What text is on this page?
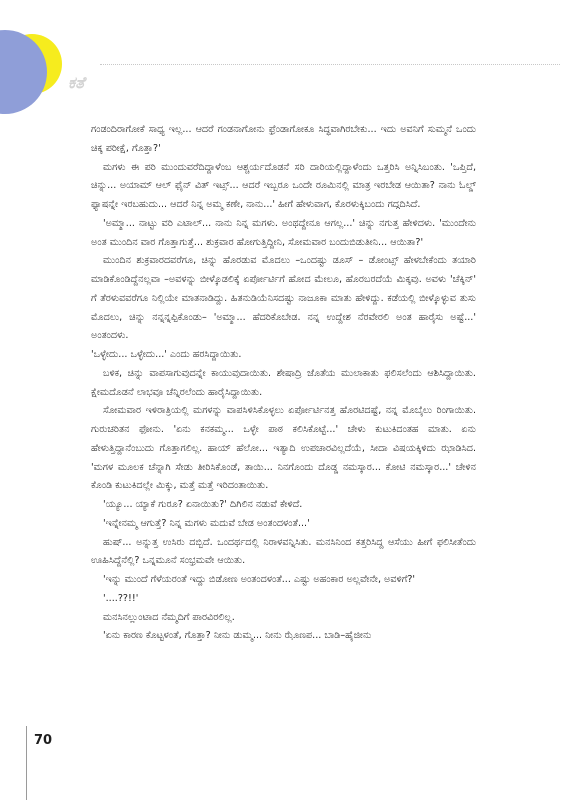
ಕತೆ

ಗಂಡಂದಿರಾಗೋಕೆ ಸಾಧ್ಯ ಇಲ್ಲ... ಆದರೆ ಗಂಡನಾಗೋನು ಫ್ರೆಂಡಾಗೋಕೂ ಸಿದ್ಧವಾಗಿರಬೇಕು... ಇದು ಅವನಿಗೆ ಸುಮ್ಮನೆ ಒಂದು ಚಿಕ್ಕ ಪರೀಕ್ಷೆ, ಗೊತ್ತಾ?'

ಮಗಳು ಈ ಪರಿ ಮುಂದುವರೆದಿದ್ದಾಳೆಂಬ ಆಶ್ಚರ್ಯದೊಡನೆ ಸರಿ ದಾರಿಯಲ್ಲಿದ್ದಾಳೆಂದು ಒತ್ತರಿಸಿ ಅನ್ನಿಸಿಬಂತು. 'ಒಪ್ತಿದೆ, ಚಿನ್ನು... ಅಯಾಮ್ ಆಲ್ ಫೈನ್ ವಿತ್ ಇಟ್ಸ್... ಆದರೆ ಇಬ್ಬರೂ ಒಂದೇ ರೂಮಿನಲ್ಲಿ ಮಾತ್ರ ಇರಬೇಡ ಆಯಿತಾ? ನಾನು ಓಲ್ಡ್ ಫ್ಯಾಷನ್ನೇ ಇರಬಹುದು... ಆದರೆ ನಿನ್ನ ಅಮ್ಮ ಕಣೇ, ನಾನು...' ಹೀಗೆ ಹೇಳುವಾಗ, ಕೊರಳುಕ್ಕಿಬಂದು ಗದ್ಗದಿಸಿದೆ.

'ಅಮ್ಮಾ... ನಾಟ್ಟು ವರಿ ಎಟಾಲ್... ನಾನು ನಿನ್ನ ಮಗಳು. ಅಂಥದ್ದೇನೂ ಆಗಲ್ಲ...' ಚಿನ್ನು ನಗುತ್ತ ಹೇಳಿದಳು. 'ಮುಂದೇನು ಅಂತ ಮುಂದಿನ ವಾರ ಗೊತ್ತಾಗುತ್ತೆ... ಶುಕ್ರವಾರ ಹೋಗುತ್ತಿದ್ದೀನಿ, ಸೋಮವಾರ ಬಂದುಬಿಡುತೀನಿ... ಆಯಿತಾ?'

ಮುಂದಿನ ಶುಕ್ರವಾರದವರೆಗೂ, ಚಿನ್ನು ಹೊರಡುವ ಮೊದಲು –ಒಂದಷ್ಟು ಡೂಸ್ – ಡೋಂಟ್ಸ್ ಹೇಳಬೇಕೆಂದು ತಯಾರಿ ಮಾಡಿಕೊಂಡಿದ್ದೆನಲ್ಲವಾ –ಅವಳನ್ನು ಬೀಳ್ಕೊಡಲಿಕ್ಕೆ ಏರ್ಪೋರ್ಟಿಗೆ ಹೋದ ಮೇಲೂ, ಹೊರಬರದೆಯೆ ಮಿಕ್ಕವು. ಅವಳು 'ಚೆಕ್ಕಿನ್' ಗೆ ತೆರಳುವವರೆಗೂ ನಿಲ್ಲಿಯೇ ಮಾತನಾಡಿದ್ದು. ಹಿತನುಡಿಯೆನಿಸದಷ್ಟು ನಾಜೂಕಾ ಮಾತು ಹೇಳಿದ್ದು. ಕಡೆಯಲ್ಲಿ ಬೀಳ್ಕೊಳ್ಳುವ ತುಸು ಮೊದಲು, ಚಿನ್ನು ನನ್ನನ್ನಪ್ಪಿಕೊಂಡು– 'ಅಮ್ಮಾ... ಹೆದರಿಕೊಬೇಡ. ನನ್ನ ಉದ್ದೇಶ ನೆರವೇರಲಿ ಅಂತ ಹಾರೈಸು ಅಷ್ಟೆ...' ಅಂತಂದಳು.

'ಒಳ್ಳೇದು... ಒಳ್ಳೇದು...' ಎಂದು ಹರಸಿದ್ದಾಯಿತು.

ಬಳಿಕ, ಚಿನ್ನು ವಾಪಸಾಗುವುದನ್ನೇ ಕಾಯುವುದಾಯಿತು. ಶೇಷಾದ್ರಿ ಜೊತೆಯ ಮುಲಾಕಾತು ಫಲಿಸಲೆಂದು ಆಶಿಸಿದ್ದಾಯಿತು. ಕ್ಷೇಮದೊಡನೆ ಲಾಭವೂ ಚೆನ್ನಿರಲೆಂದು ಹಾರೈಸಿದ್ದಾಯಿತು.

ಸೋಮವಾರ ಇಳಿರಾತ್ರಿಯಲ್ಲಿ ಮಗಳನ್ನು ವಾಪಸಿಳಿಸಿಕೊಳ್ಳಲು ಏರ್ಪೋರ್ಟಿನತ್ತ ಹೊರಟಿದಷ್ಟೆ, ನನ್ನ ಮೊಬೈಲು ರಿಂಗಾಯಿತು. ಗುರುಚರಿತನ ಫೋನು. 'ಏನು ಕನಕಮ್ಮ... ಒಳ್ಳೇ ಪಾಠ ಕಲಿಸಿಕೊಟ್ಟೆ...' ಚೇಳು ಕುಟುಕಿದಂತಹ ಮಾತು. ಏನು ಹೇಳುತ್ತಿದ್ದಾನೆಂಬುದು ಗೊತ್ತಾಗಲಿಲ್ಲ. ಹಾಯ್ ಹೆಲೋ... ಇತ್ಯಾದಿ ಉಪಚಾರವಿಲ್ಲದೆಯೆ, ಸೀದಾ ವಿಷಯಕ್ಕಿಳಿದು ಝಾಡಿಸಿದ. 'ಮಗಳ ಮೂಲಕ ಚೆನ್ನಾಗಿ ಸೇಡು ತೀರಿಸಿಕೊಂಡೆ, ತಾಯಿ... ನಿನಗೊಂದು ದೊಡ್ಡ ನಮಸ್ಕಾರ... ಕೋಟಿ ನಮಸ್ಕಾರ...' ಚೇಳಿನ ಕೊಂಡಿ ಕುಟುಕಿದಲ್ಲೇ ಮಿಕ್ಕು, ಮತ್ತೆ ಮತ್ತೆ ಇರಿದಂತಾಯಿತು.

'ಯ್ಯೂ... ಯ್ಯಾಕೆ ಗುರೂ? ಏನಾಯಿತು?' ದಿಗಿಲಿನ ನಡುವೆ ಕೇಳಿದೆ.

'ಇನ್ನೇನಮ್ಮ ಆಗುತ್ತೆ? ನಿನ್ನ ಮಗಳು ಮದುವೆ ಬೇಡ ಅಂತಂದಳಂತೆ...'

ಹುಷ್... ಅನ್ನುತ್ತ ಉಸಿರು ದಬ್ಬಿದೆ. ಒಂದರ್ಥದಲ್ಲಿ ನಿರಾಳವನ್ನಿಸಿತು. ಮನಸಿನಿಂದ ಕತ್ತರಿಸಿದ್ದ ಆಸೆಯು ಹೀಗೆ ಫಲಿಸೀತೆಂದು ಊಹಿಸಿದ್ದೆನೆಲ್ಲಿ? ಒನ್ನಮೂನೆ ಸಂಭ್ರಮವೇ ಆಯಿತು.

'ಇನ್ನು ಮುಂದೆ ಗೆಳೆಯರಂತೆ ಇದ್ದು ಬಿಡೋಣ ಅಂತಂದಳಂತೆ... ಎಷ್ಟು ಅಹಂಕಾರ ಅಲ್ಲವೇನೇ, ಅವಳಿಗೆ?'

'....??!!'

ಮನಸಿನಲ್ಲುಂಟಾದ ನೆಮ್ಮದಿಗೆ ಪಾರವಿರಲಿಲ್ಲ.

'ಏನು ಕಾರಣ ಕೊಟ್ಟಳಂತೆ, ಗೊತ್ತಾ? ನೀನು ಡುಮ್ಮ... ನೀನು ಝೊಣಪ... ಬಾಡಿ–ಹೈಜೀನು

70
